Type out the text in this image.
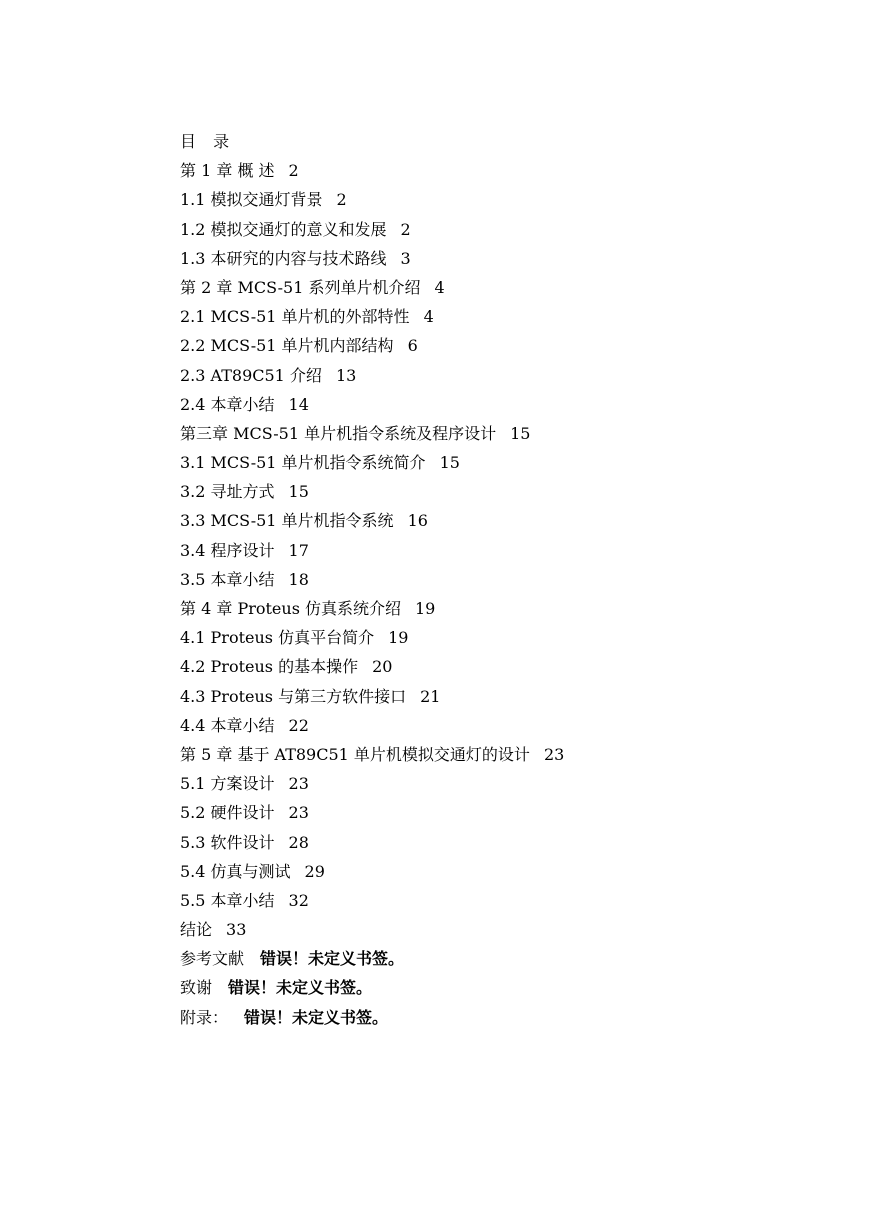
目 录
第 1 章 概 述 2
1.1 模拟交通灯背景 2
1.2 模拟交通灯的意义和发展 2
1.3 本研究的内容与技术路线 3
第 2 章 MCS-51 系列单片机介绍 4
2.1 MCS-51 单片机的外部特性 4
2.2 MCS-51 单片机内部结构 6
2.3 AT89C51 介绍 13
2.4 本章小结 14
第三章 MCS-51 单片机指令系统及程序设计 15
3.1 MCS-51 单片机指令系统简介 15
3.2 寻址方式 15
3.3 MCS-51 单片机指令系统 16
3.4 程序设计 17
3.5 本章小结 18
第 4 章 Proteus 仿真系统介绍 19
4.1 Proteus 仿真平台简介 19
4.2 Proteus 的基本操作 20
4.3 Proteus 与第三方软件接口 21
4.4 本章小结 22
第 5 章 基于 AT89C51 单片机模拟交通灯的设计 23
5.1 方案设计 23
5.2 硬件设计 23
5.3 软件设计 28
5.4 仿真与测试 29
5.5 本章小结 32
结论 33
参考文献 错误！未定义书签。
致谢 错误！未定义书签。
附录： 错误！未定义书签。
